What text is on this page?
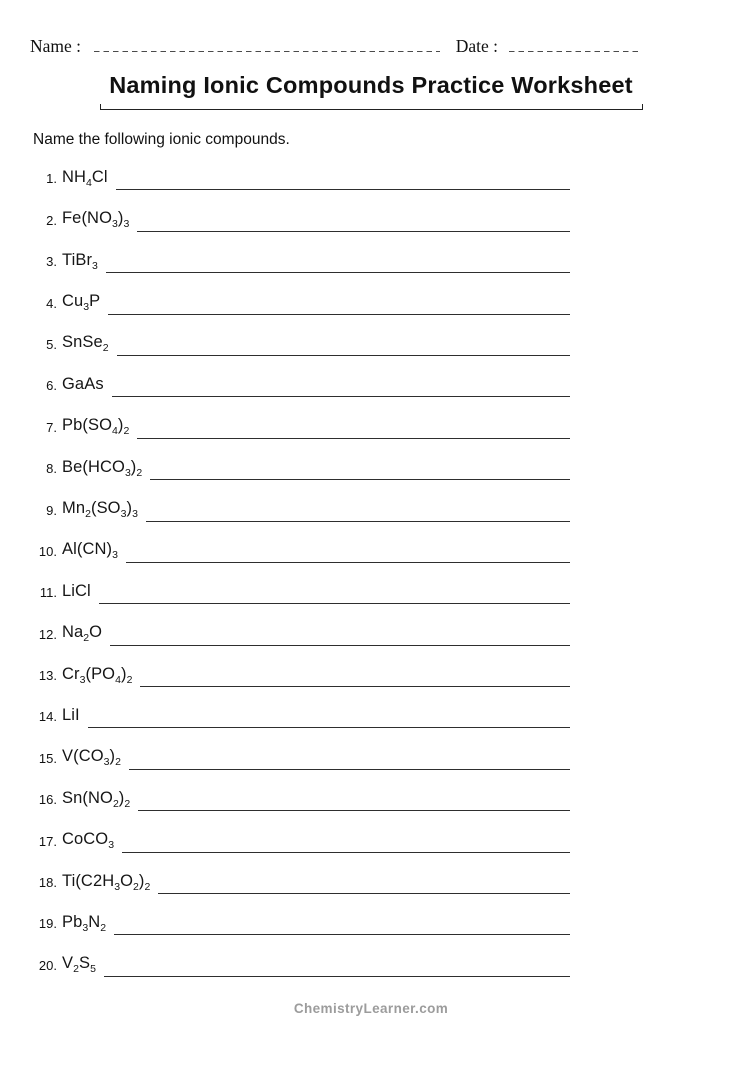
Name :	Date :
Naming Ionic Compounds Practice Worksheet

Name the following ionic compounds.

1. $NH_4Cl$
2. $Fe(NO_3)_3$
3. TiBr$_3$
4. $Cu_3P$
5. SnSe$_2$
6. GaAs
7. $Pb(SO_4)_2$
8. $Be(HCO_3)_2$
9. $Mn_2(SO_3)_3$
10. $Al(CN)_3$
11. LiCl
12. $Na_2O$
13. $Cr_3(PO_4)_2$
14. LiI
15. $V(CO_3)_2$
16. $Sn(NO_2)_2$
17. CoCO$_3$
18. $Ti(C2H_3O_2)_2$
19. $Pb_3N_2$
20. $V_2S_5$
ChemistryLearner.com
